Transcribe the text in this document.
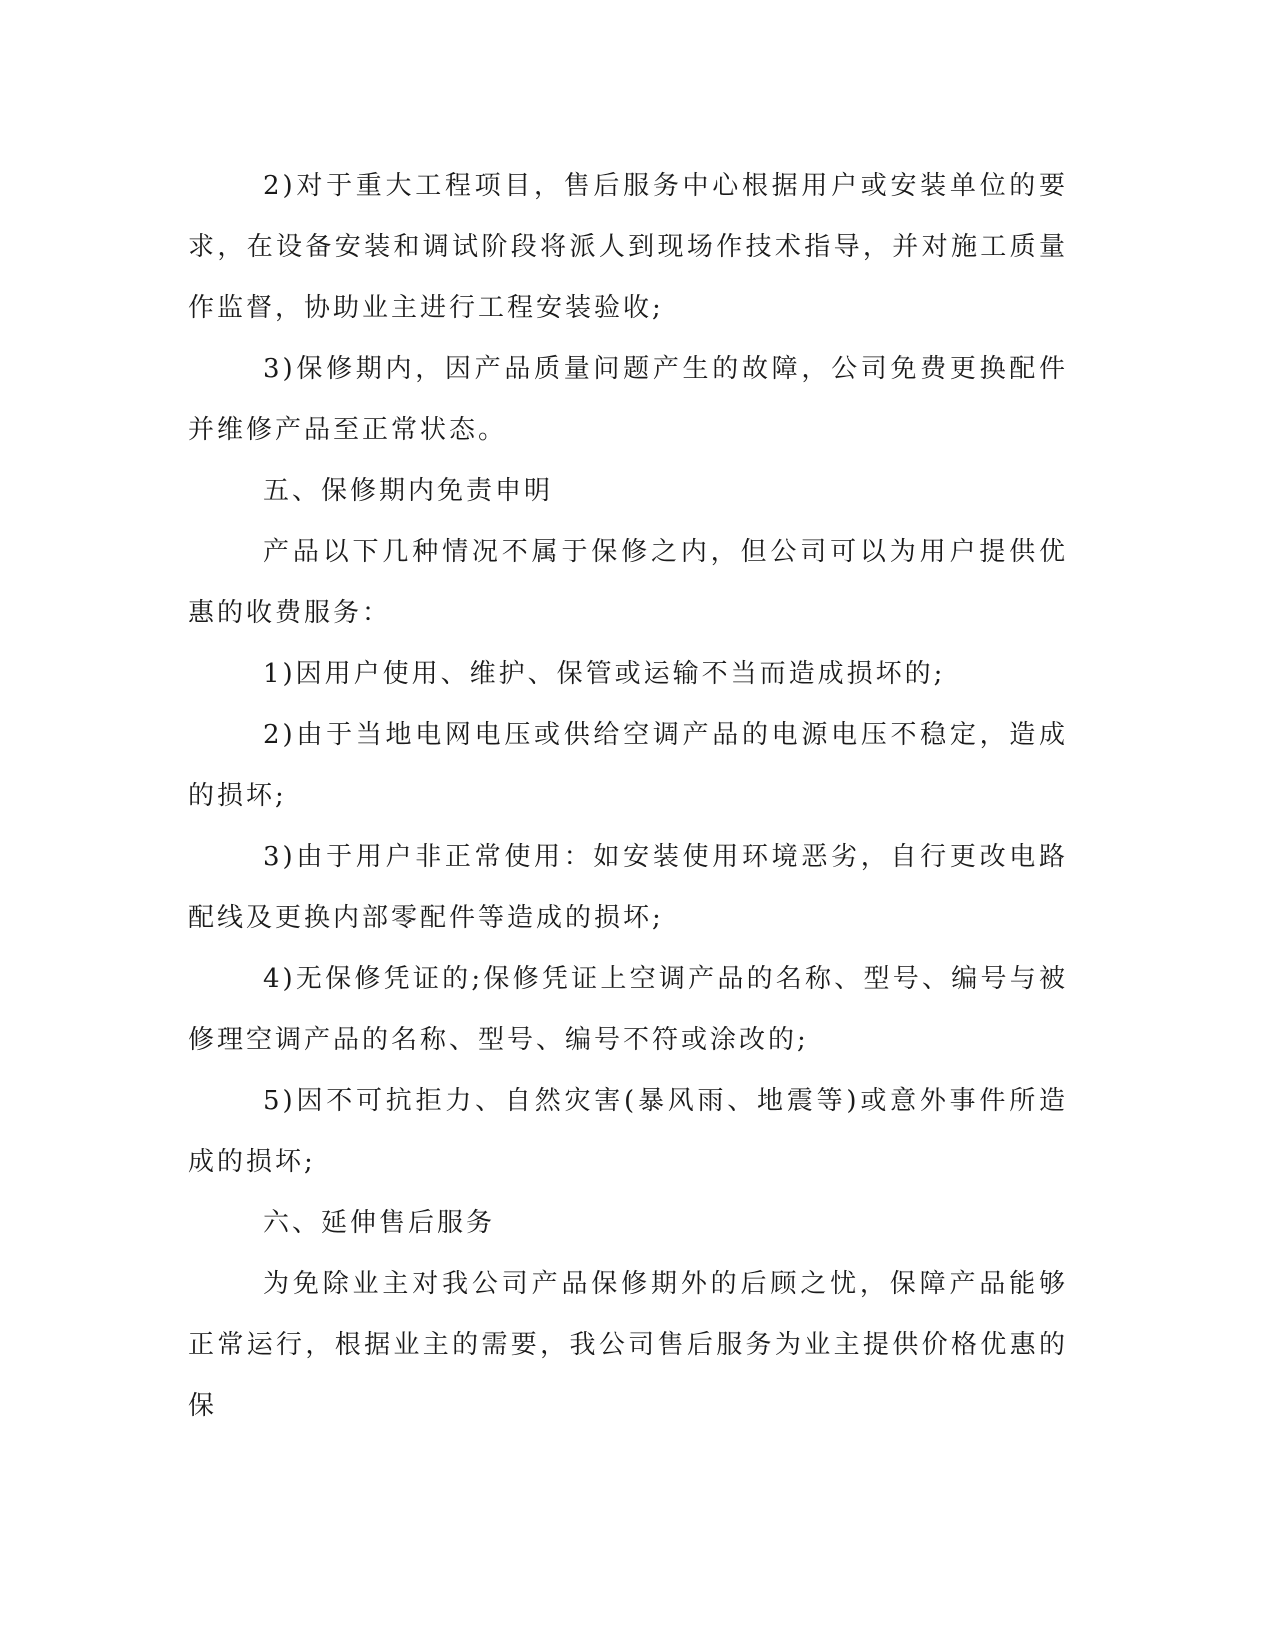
2)对于重大工程项目，售后服务中心根据用户或安装单位的要求，在设备安装和调试阶段将派人到现场作技术指导，并对施工质量作监督，协助业主进行工程安装验收;

3)保修期内，因产品质量问题产生的故障，公司免费更换配件并维修产品至正常状态。

五、保修期内免责申明

产品以下几种情况不属于保修之内，但公司可以为用户提供优惠的收费服务：

1)因用户使用、维护、保管或运输不当而造成损坏的;

2)由于当地电网电压或供给空调产品的电源电压不稳定，造成的损坏;

3)由于用户非正常使用：如安装使用环境恶劣，自行更改电路配线及更换内部零配件等造成的损坏;

4)无保修凭证的;保修凭证上空调产品的名称、型号、编号与被修理空调产品的名称、型号、编号不符或涂改的;

5)因不可抗拒力、自然灾害(暴风雨、地震等)或意外事件所造成的损坏;

六、延伸售后服务

为免除业主对我公司产品保修期外的后顾之忧，保障产品能够正常运行，根据业主的需要，我公司售后服务为业主提供价格优惠的保
